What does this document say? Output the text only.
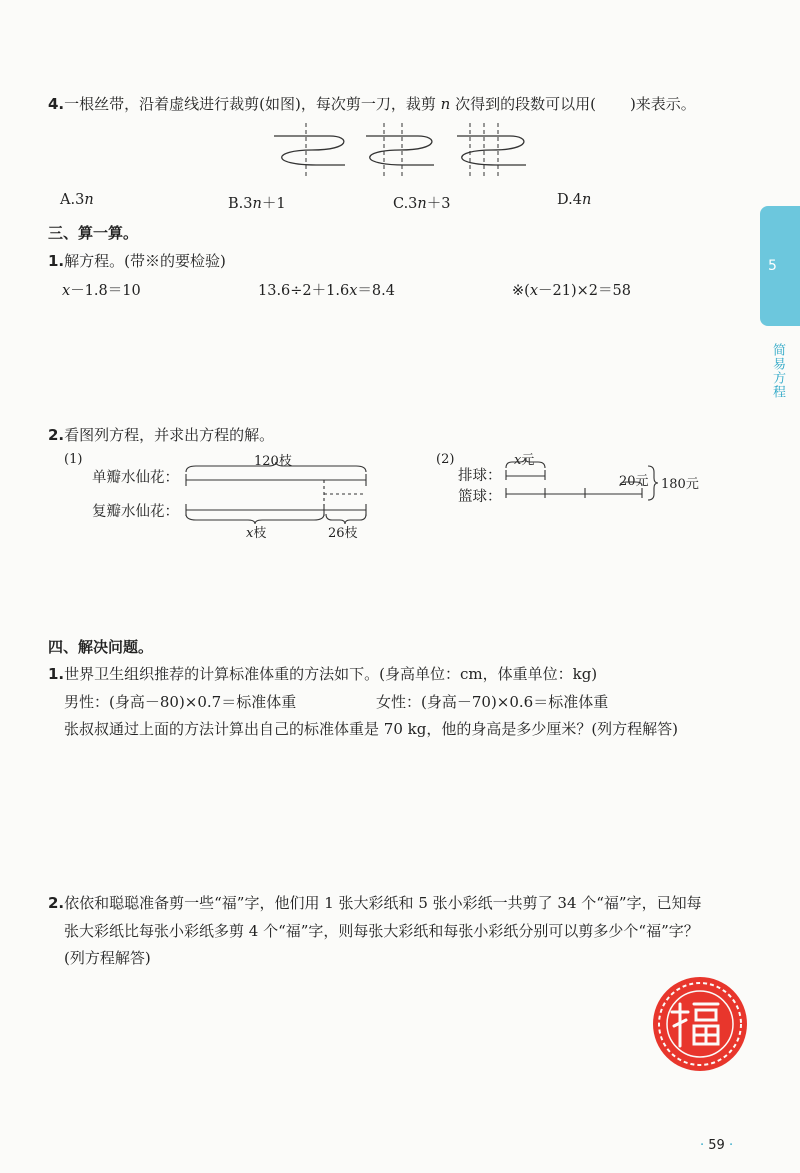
4.一根丝带，沿着虚线进行裁剪(如图)，每次剪一刀，裁剪 n 次得到的段数可以用( )来表示。
A.3n	B.3n＋1	C.3n＋3	D.4n
三、算一算。
1.解方程。(带※的要检验)
x－1.8＝10	13.6÷2＋1.6x＝8.4	※(x－21)×2＝58
2.看图列方程，并求出方程的解。
(1)
单瓣水仙花：
复瓣水仙花：
120枝
x枝	26枝
(2)
排球：
篮球：
x元
20元 180元
四、解决问题。
1.世界卫生组织推荐的计算标准体重的方法如下。(身高单位：cm，体重单位：kg)
男性：(身高－80)×0.7＝标准体重	女性：(身高－70)×0.6＝标准体重
张叔叔通过上面的方法计算出自己的标准体重是 70 kg，他的身高是多少厘米？(列方程解答)
2.依依和聪聪准备剪一些“福”字，他们用 1 张大彩纸和 5 张小彩纸一共剪了 34 个“福”字，已知每
张大彩纸比每张小彩纸多剪 4 个“福”字，则每张大彩纸和每张小彩纸分别可以剪多少个“福”字？
(列方程解答)
5
简易方程
· 59 ·
